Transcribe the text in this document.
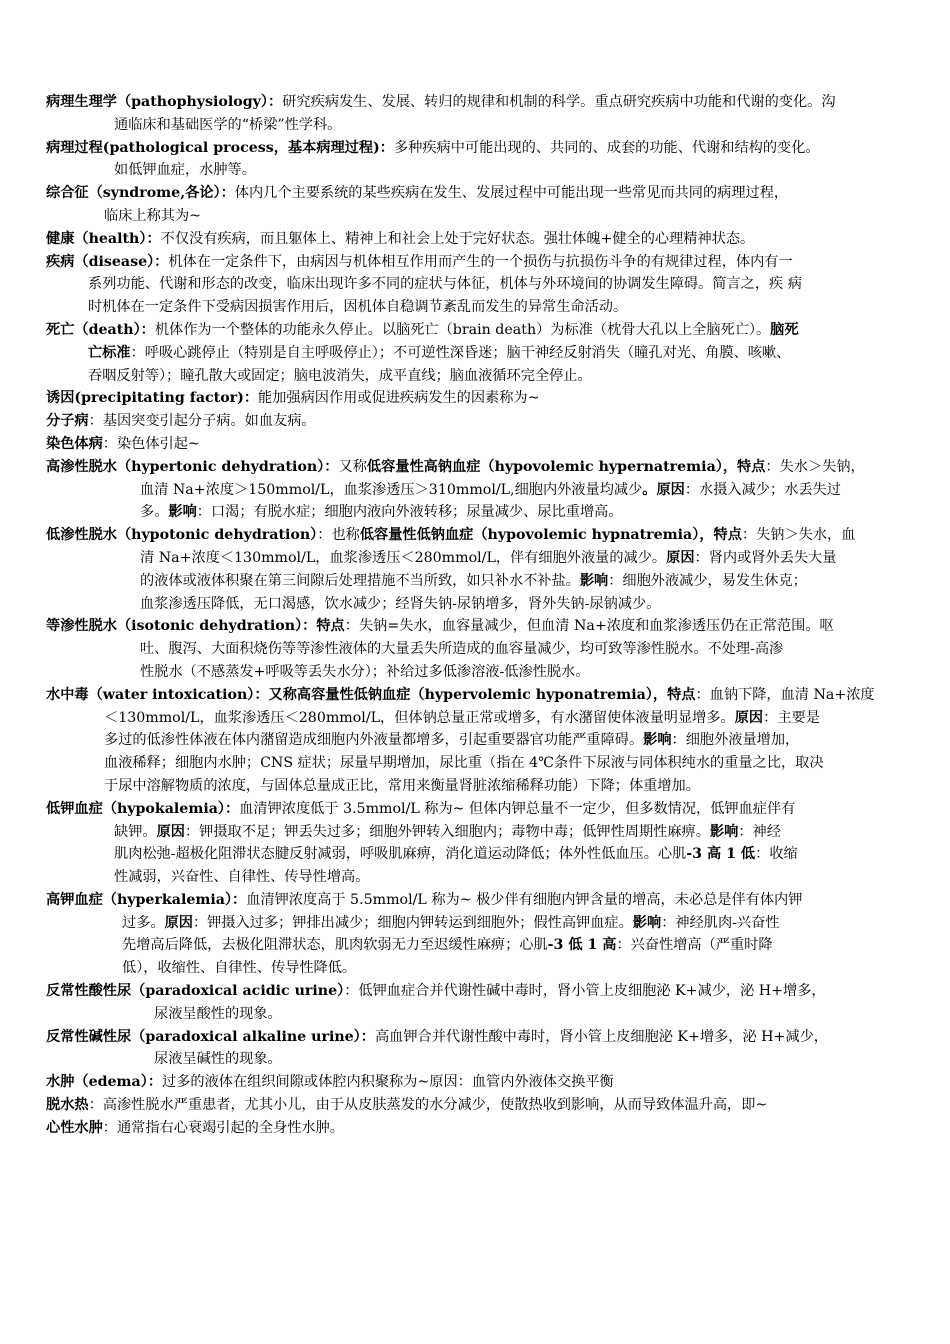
病理生理学（pathophysiology）：研究疾病发生、发展、转归的规律和机制的科学。重点研究疾病中功能和代谢的变化。沟
通临床和基础医学的“桥梁”性学科。
病理过程(pathological process，基本病理过程)：多种疾病中可能出现的、共同的、成套的功能、代谢和结构的变化。
如低钾血症，水肿等。
综合征（syndrome,各论）：体内几个主要系统的某些疾病在发生、发展过程中可能出现一些常见而共同的病理过程，
临床上称其为~
健康（health）：不仅没有疾病，而且躯体上、精神上和社会上处于完好状态。强壮体魄+健全的心理精神状态。
疾病（disease）：机体在一定条件下，由病因与机体相互作用而产生的一个损伤与抗损伤斗争的有规律过程，体内有一
系列功能、代谢和形态的改变，临床出现许多不同的症状与体征，机体与外环境间的协调发生障碍。简言之，疾 病
时机体在一定条件下受病因损害作用后，因机体自稳调节紊乱而发生的异常生命活动。
死亡（death）：机体作为一个整体的功能永久停止。以脑死亡（brain death）为标准（枕骨大孔以上全脑死亡）。脑死
亡标准：呼吸心跳停止（特别是自主呼吸停止）；不可逆性深昏迷；脑干神经反射消失（瞳孔对光、角膜、咳嗽、
吞咽反射等）；瞳孔散大或固定；脑电波消失，成平直线；脑血液循环完全停止。
诱因(precipitating factor)：能加强病因作用或促进疾病发生的因素称为~
分子病：基因突变引起分子病。如血友病。
染色体病：染色体引起~
高渗性脱水（hypertonic dehydration）：又称低容量性高钠血症（hypovolemic hypernatremia），特点：失水＞失钠，
血清 Na+浓度＞150mmol/L，血浆渗透压＞310mmol/L,细胞内外液量均减少。原因：水摄入减少；水丢失过
多。影响：口渴；有脱水症；细胞内液向外液转移；尿量减少、尿比重增高。
低渗性脱水（hypotonic dehydration）：也称低容量性低钠血症（hypovolemic hypnatremia），特点：失钠＞失水，血
清 Na+浓度＜130mmol/L，血浆渗透压＜280mmol/L，伴有细胞外液量的减少。原因：肾内或肾外丢失大量
的液体或液体积聚在第三间隙后处理措施不当所致，如只补水不补盐。影响：细胞外液减少，易发生休克；
血浆渗透压降低，无口渴感，饮水减少；经肾失钠-尿钠增多，肾外失钠-尿钠减少。
等渗性脱水（isotonic dehydration）：特点：失钠=失水，血容量减少，但血清 Na+浓度和血浆渗透压仍在正常范围。呕
吐、腹泻、大面积烧伤等等渗性液体的大量丢失所造成的血容量减少，均可致等渗性脱水。不处理-高渗
性脱水（不感蒸发+呼吸等丢失水分）；补给过多低渗溶液-低渗性脱水。
水中毒（water intoxication）：又称高容量性低钠血症（hypervolemic hyponatremia），特点：血钠下降，血清 Na+浓度
＜130mmol/L，血浆渗透压＜280mmol/L，但体钠总量正常或增多，有水潴留使体液量明显增多。原因：主要是
多过的低渗性体液在体内潴留造成细胞内外液量都增多，引起重要器官功能严重障碍。影响：细胞外液量增加，
血液稀释；细胞内水肿；CNS 症状；尿量早期增加，尿比重（指在 4℃条件下尿液与同体积纯水的重量之比，取决
于尿中溶解物质的浓度，与固体总量成正比，常用来衡量肾脏浓缩稀释功能）下降；体重增加。
低钾血症（hypokalemia）：血清钾浓度低于 3.5mmol/L 称为~ 但体内钾总量不一定少，但多数情况，低钾血症伴有
缺钾。原因：钾摄取不足；钾丢失过多；细胞外钾转入细胞内；毒物中毒；低钾性周期性麻痹。影响：神经
肌肉松弛-超极化阻滞状态腱反射减弱，呼吸肌麻痹，消化道运动降低；体外性低血压。心肌-3 高 1 低：收缩
性减弱，兴奋性、自律性、传导性增高。
高钾血症（hyperkalemia）：血清钾浓度高于 5.5mmol/L 称为~ 极少伴有细胞内钾含量的增高，未必总是伴有体内钾
过多。原因：钾摄入过多；钾排出减少；细胞内钾转运到细胞外；假性高钾血症。影响：神经肌肉-兴奋性
先增高后降低，去极化阻滞状态，肌肉软弱无力至迟缓性麻痹；心肌-3 低 1 高：兴奋性增高（严重时降
低），收缩性、自律性、传导性降低。
反常性酸性尿（paradoxical acidic urine）：低钾血症合并代谢性碱中毒时，肾小管上皮细胞泌 K+减少，泌 H+增多，
尿液呈酸性的现象。
反常性碱性尿（paradoxical alkaline urine）：高血钾合并代谢性酸中毒时，肾小管上皮细胞泌 K+增多，泌 H+减少，
尿液呈碱性的现象。
水肿（edema）：过多的液体在组织间隙或体腔内积聚称为~原因：血管内外液体交换平衡
脱水热：高渗性脱水严重患者，尤其小儿，由于从皮肤蒸发的水分减少，使散热收到影响，从而导致体温升高，即~
心性水肿：通常指右心衰竭引起的全身性水肿。
